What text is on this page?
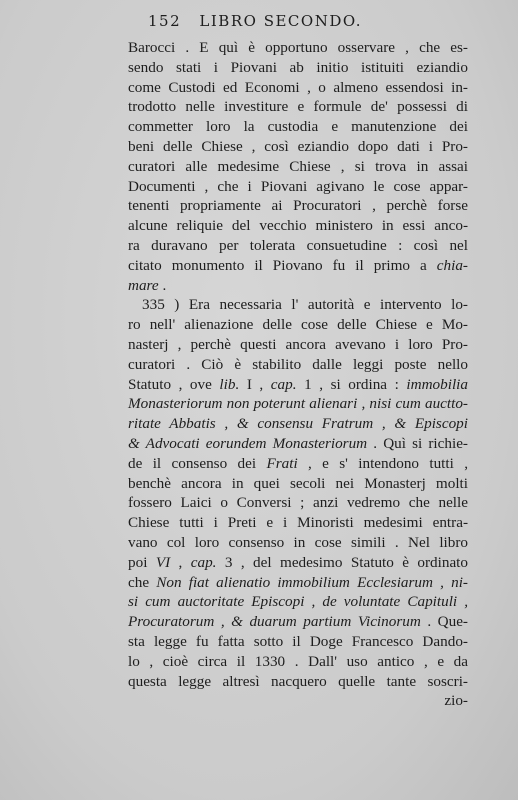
152 LIBRO SECONDO.
Barocci . E quì è opportuno osservare , che es-
sendo stati i Piovani ab initio istituiti eziandio
come Custodi ed Economi , o almeno essendosi in-
trodotto nelle investiture e formule de' possessi di
commetter loro la custodia e manutenzione dei
beni delle Chiese , così eziandio dopo dati i Pro-
curatori alle medesime Chiese , si trova in assai
Documenti , che i Piovani agivano le cose appar-
tenenti propriamente ai Procuratori , perchè forse
alcune reliquie del vecchio ministero in essi anco-
ra duravano per tolerata consuetudine : così nel
citato monumento il Piovano fu il primo a chia-
mare .
335 ) Era necessaria l' autorità e intervento lo-
ro nell' alienazione delle cose delle Chiese e Mo-
nasterj , perchè questi ancora avevano i loro Pro-
curatori . Ciò è stabilito dalle leggi poste nello
Statuto , ove lib. I , cap. 1 , si ordina : immobilia
Monasteriorum non poterunt alienari , nisi cum auctto-
ritate Abbatis , & consensu Fratrum , & Episcopi
& Advocati eorundem Monasteriorum . Quì si richie-
de il consenso dei Frati , e s' intendono tutti ,
benchè ancora in quei secoli nei Monasterj molti
fossero Laici o Conversi ; anzi vedremo che nelle
Chiese tutti i Preti e i Minoristi medesimi entra-
vano col loro consenso in cose simili . Nel libro
poi VI , cap. 3 , del medesimo Statuto è ordinato
che Non fiat alienatio immobilium Ecclesiarum , ni-
si cum auctoritate Episcopi , de voluntate Capituli ,
Procuratorum , & duarum partium Vicinorum . Que-
sta legge fu fatta sotto il Doge Francesco Dando-
lo , cioè circa il 1330 . Dall' uso antico , e da
questa legge altresì nacquero quelle tante soscri-
zio-
